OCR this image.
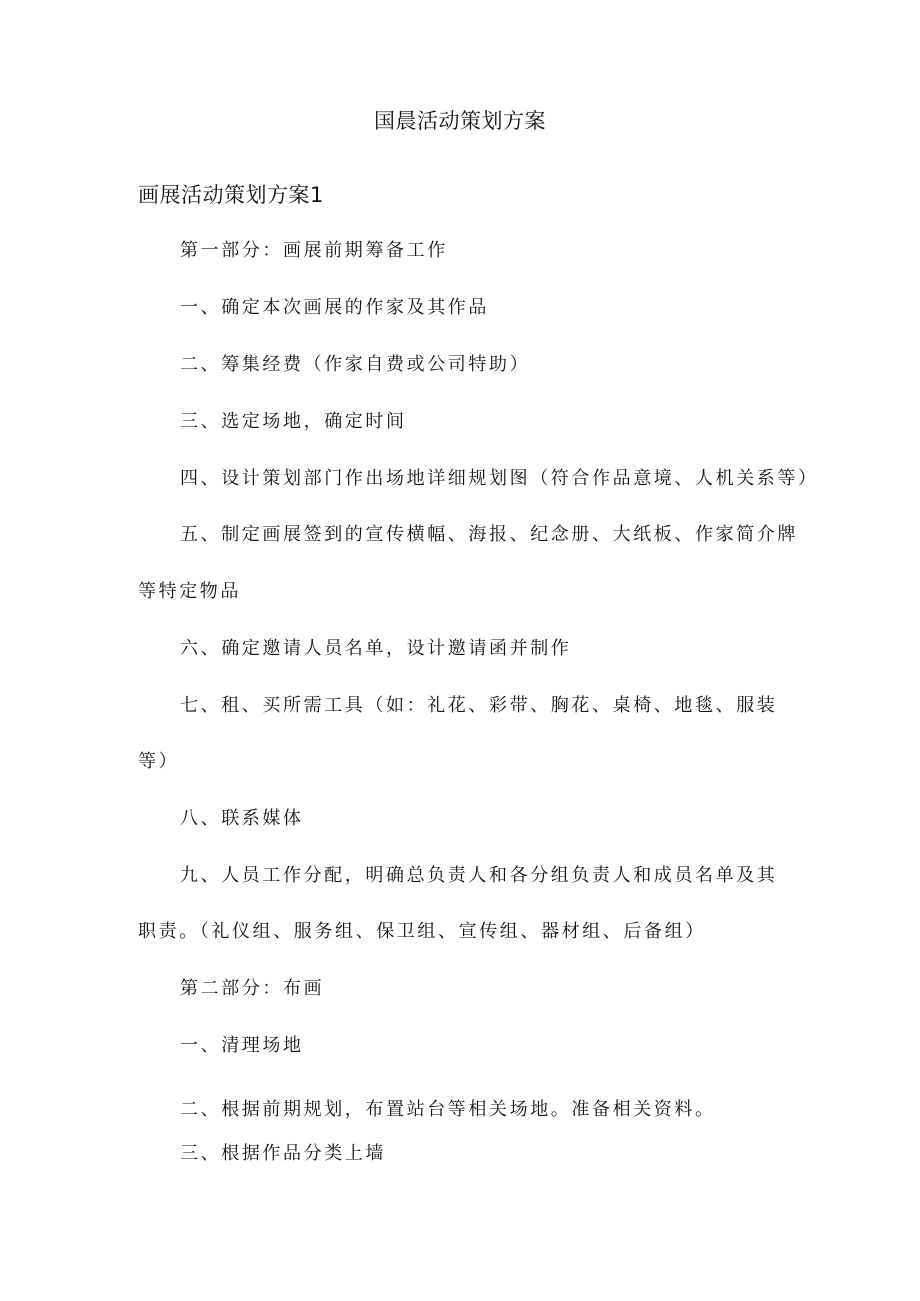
国晨活动策划方案
画展活动策划方案1
第一部分：画展前期筹备工作
一、确定本次画展的作家及其作品
二、筹集经费（作家自费或公司特助）
三、选定场地，确定时间
四、设计策划部门作出场地详细规划图（符合作品意境、人机关系等）
五、制定画展签到的宣传横幅、海报、纪念册、大纸板、作家简介牌
等特定物品
六、确定邀请人员名单，设计邀请函并制作
七、租、买所需工具（如：礼花、彩带、胸花、桌椅、地毯、服装
等）
八、联系媒体
九、人员工作分配，明确总负责人和各分组负责人和成员名单及其
职责。（礼仪组、服务组、保卫组、宣传组、器材组、后备组）
第二部分：布画
一、清理场地
二、根据前期规划，布置站台等相关场地。准备相关资料。
三、根据作品分类上墙
